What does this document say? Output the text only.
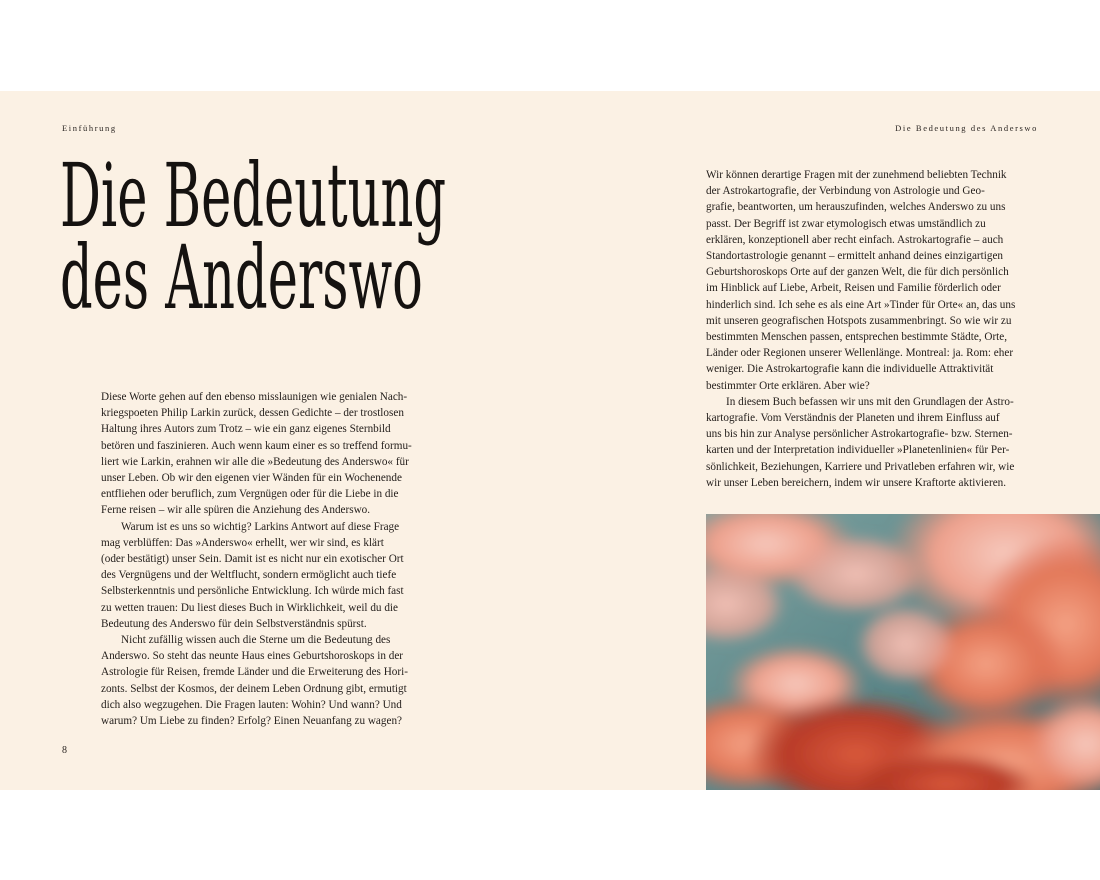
Einführung	Die Bedeutung des Anderswo
Die Bedeutung
des Anderswo
Diese Worte gehen auf den ebenso misslaunigen wie genialen Nach-
kriegspoeten Philip Larkin zurück, dessen Gedichte – der trostlosen
Haltung ihres Autors zum Trotz – wie ein ganz eigenes Sternbild
betören und faszinieren. Auch wenn kaum einer es so treffend formu-
liert wie Larkin, erahnen wir alle die »Bedeutung des Anderswo« für
unser Leben. Ob wir den eigenen vier Wänden für ein Wochenende
entfliehen oder beruflich, zum Vergnügen oder für die Liebe in die
Ferne reisen – wir alle spüren die Anziehung des Anderswo.
Warum ist es uns so wichtig? Larkins Antwort auf diese Frage
mag verblüffen: Das »Anderswo« erhellt, wer wir sind, es klärt
(oder bestätigt) unser Sein. Damit ist es nicht nur ein exotischer Ort
des Vergnügens und der Weltflucht, sondern ermöglicht auch tiefe
Selbsterkenntnis und persönliche Entwicklung. Ich würde mich fast
zu wetten trauen: Du liest dieses Buch in Wirklichkeit, weil du die
Bedeutung des Anderswo für dein Selbstverständnis spürst.
Nicht zufällig wissen auch die Sterne um die Bedeutung des
Anderswo. So steht das neunte Haus eines Geburtshoroskops in der
Astrologie für Reisen, fremde Länder und die Erweiterung des Hori-
zonts. Selbst der Kosmos, der deinem Leben Ordnung gibt, ermutigt
dich also wegzugehen. Die Fragen lauten: Wohin? Und wann? Und
warum? Um Liebe zu finden? Erfolg? Einen Neuanfang zu wagen?
Wir können derartige Fragen mit der zunehmend beliebten Technik
der Astrokartografie, der Verbindung von Astrologie und Geo-
grafie, beantworten, um herauszufinden, welches Anderswo zu uns
passt. Der Begriff ist zwar etymologisch etwas umständlich zu
erklären, konzeptionell aber recht einfach. Astrokartografie – auch
Standortastrologie genannt – ermittelt anhand deines einzigartigen
Geburtshoroskops Orte auf der ganzen Welt, die für dich persönlich
im Hinblick auf Liebe, Arbeit, Reisen und Familie förderlich oder
hinderlich sind. Ich sehe es als eine Art »Tinder für Orte« an, das uns
mit unseren geografischen Hotspots zusammenbringt. So wie wir zu
bestimmten Menschen passen, entsprechen bestimmte Städte, Orte,
Länder oder Regionen unserer Wellenlänge. Montreal: ja. Rom: eher
weniger. Die Astrokartografie kann die individuelle Attraktivität
bestimmter Orte erklären. Aber wie?
In diesem Buch befassen wir uns mit den Grundlagen der Astro-
kartografie. Vom Verständnis der Planeten und ihrem Einfluss auf
uns bis hin zur Analyse persönlicher Astrokartografie- bzw. Sternen-
karten und der Interpretation individueller »Planetenlinien« für Per-
sönlichkeit, Beziehungen, Karriere und Privatleben erfahren wir, wie
wir unser Leben bereichern, indem wir unsere Kraftorte aktivieren.
8
